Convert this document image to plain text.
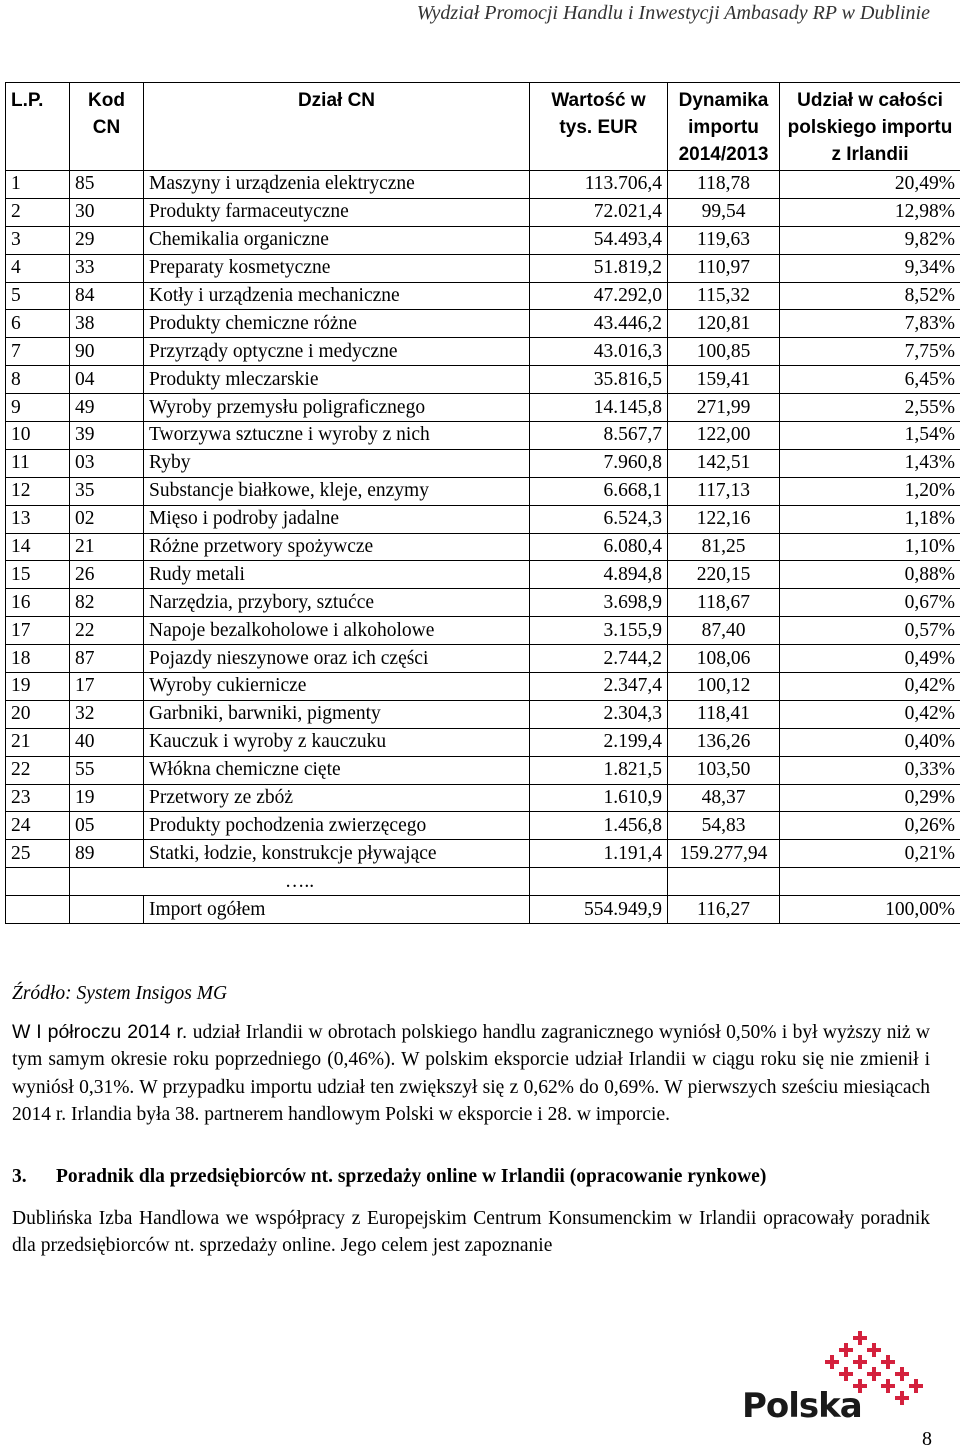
Wydział Promocji Handlu i Inwestycji Ambasady RP w Dublinie
L.P.	Kod CN	Dział CN	Wartość w tys. EUR	Dynamika importu 2014/2013	Udział w całości polskiego importu z Irlandii
1	85	Maszyny i urządzenia elektryczne	113.706,4	118,78	20,49%
2	30	Produkty farmaceutyczne	72.021,4	99,54	12,98%
3	29	Chemikalia organiczne	54.493,4	119,63	9,82%
4	33	Preparaty kosmetyczne	51.819,2	110,97	9,34%
5	84	Kotły i urządzenia mechaniczne	47.292,0	115,32	8,52%
6	38	Produkty chemiczne różne	43.446,2	120,81	7,83%
7	90	Przyrządy optyczne i medyczne	43.016,3	100,85	7,75%
8	04	Produkty mleczarskie	35.816,5	159,41	6,45%
9	49	Wyroby przemysłu poligraficznego	14.145,8	271,99	2,55%
10	39	Tworzywa sztuczne i wyroby z nich	8.567,7	122,00	1,54%
11	03	Ryby	7.960,8	142,51	1,43%
12	35	Substancje białkowe, kleje, enzymy	6.668,1	117,13	1,20%
13	02	Mięso i podroby jadalne	6.524,3	122,16	1,18%
14	21	Różne przetwory spożywcze	6.080,4	81,25	1,10%
15	26	Rudy metali	4.894,8	220,15	0,88%
16	82	Narzędzia, przybory, sztućce	3.698,9	118,67	0,67%
17	22	Napoje bezalkoholowe i alkoholowe	3.155,9	87,40	0,57%
18	87	Pojazdy nieszynowe oraz ich części	2.744,2	108,06	0,49%
19	17	Wyroby cukiernicze	2.347,4	100,12	0,42%
20	32	Garbniki, barwniki, pigmenty	2.304,3	118,41	0,42%
21	40	Kauczuk i wyroby z kauczuku	2.199,4	136,26	0,40%
22	55	Włókna chemiczne cięte	1.821,5	103,50	0,33%
23	19	Przetwory ze zbóż	1.610,9	48,37	0,29%
24	05	Produkty pochodzenia zwierzęcego	1.456,8	54,83	0,26%
25	89	Statki, łodzie, konstrukcje pływające	1.191,4	159.277,94	0,21%
	…..				
		Import ogółem	554.949,9	116,27	100,00%
Źródło: System Insigos MG

W I półroczu 2014 r. udział Irlandii w obrotach polskiego handlu zagranicznego wyniósł 0,50% i był wyższy niż w tym samym okresie roku poprzedniego (0,46%). W polskim eksporcie udział Irlandii w ciągu roku się nie zmienił i wyniósł 0,31%. W przypadku importu udział ten zwiększył się z 0,62% do 0,69%. W pierwszych sześciu miesiącach 2014 r. Irlandia była 38. partnerem handlowym Polski w eksporcie i 28. w imporcie.

3. Poradnik dla przedsiębiorców nt. sprzedaży online w Irlandii (opracowanie rynkowe)

Dublińska Izba Handlowa we współpracy z Europejskim Centrum Konsumenckim w Irlandii opracowały poradnik dla przedsiębiorców nt. sprzedaży online. Jego celem jest zapoznanie

Polska
8
